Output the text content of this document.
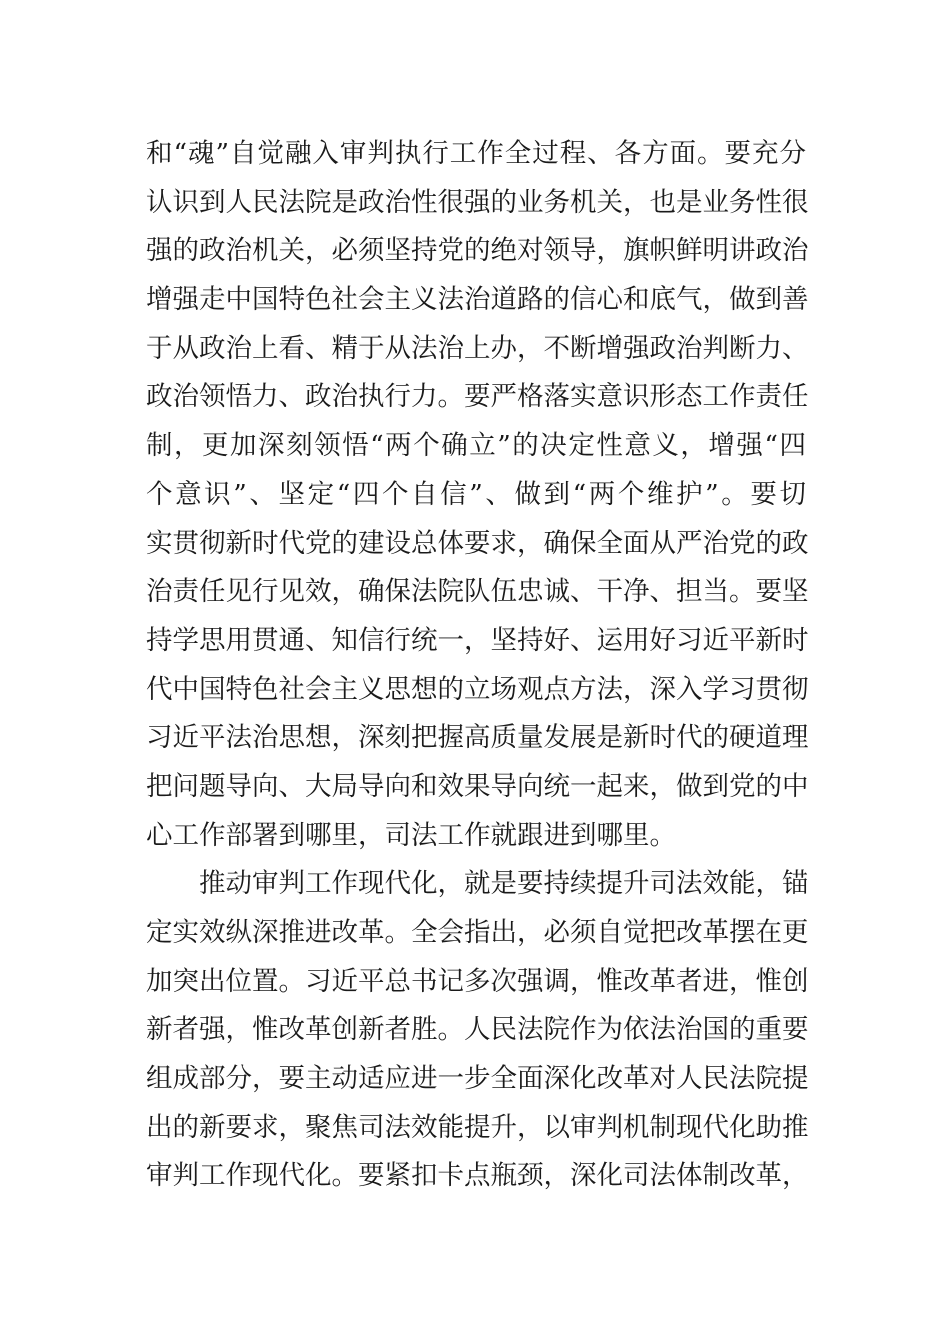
和“魂”自觉融入审判执行工作全过程、各方面。要充分
认识到人民法院是政治性很强的业务机关，也是业务性很
强的政治机关，必须坚持党的绝对领导，旗帜鲜明讲政治
增强走中国特色社会主义法治道路的信心和底气，做到善
于从政治上看、精于从法治上办，不断增强政治判断力、
政治领悟力、政治执行力。要严格落实意识形态工作责任
制，更加深刻领悟“两个确立”的决定性意义，增强“四
个意识”、坚定“四个自信”、做到“两个维护”。要切
实贯彻新时代党的建设总体要求，确保全面从严治党的政
治责任见行见效，确保法院队伍忠诚、干净、担当。要坚
持学思用贯通、知信行统一，坚持好、运用好习近平新时
代中国特色社会主义思想的立场观点方法，深入学习贯彻
习近平法治思想，深刻把握高质量发展是新时代的硬道理
把问题导向、大局导向和效果导向统一起来，做到党的中
心工作部署到哪里，司法工作就跟进到哪里。
推动审判工作现代化，就是要持续提升司法效能，锚
定实效纵深推进改革。全会指出，必须自觉把改革摆在更
加突出位置。习近平总书记多次强调，惟改革者进，惟创
新者强，惟改革创新者胜。人民法院作为依法治国的重要
组成部分，要主动适应进一步全面深化改革对人民法院提
出的新要求，聚焦司法效能提升，以审判机制现代化助推
审判工作现代化。要紧扣卡点瓶颈，深化司法体制改革，
